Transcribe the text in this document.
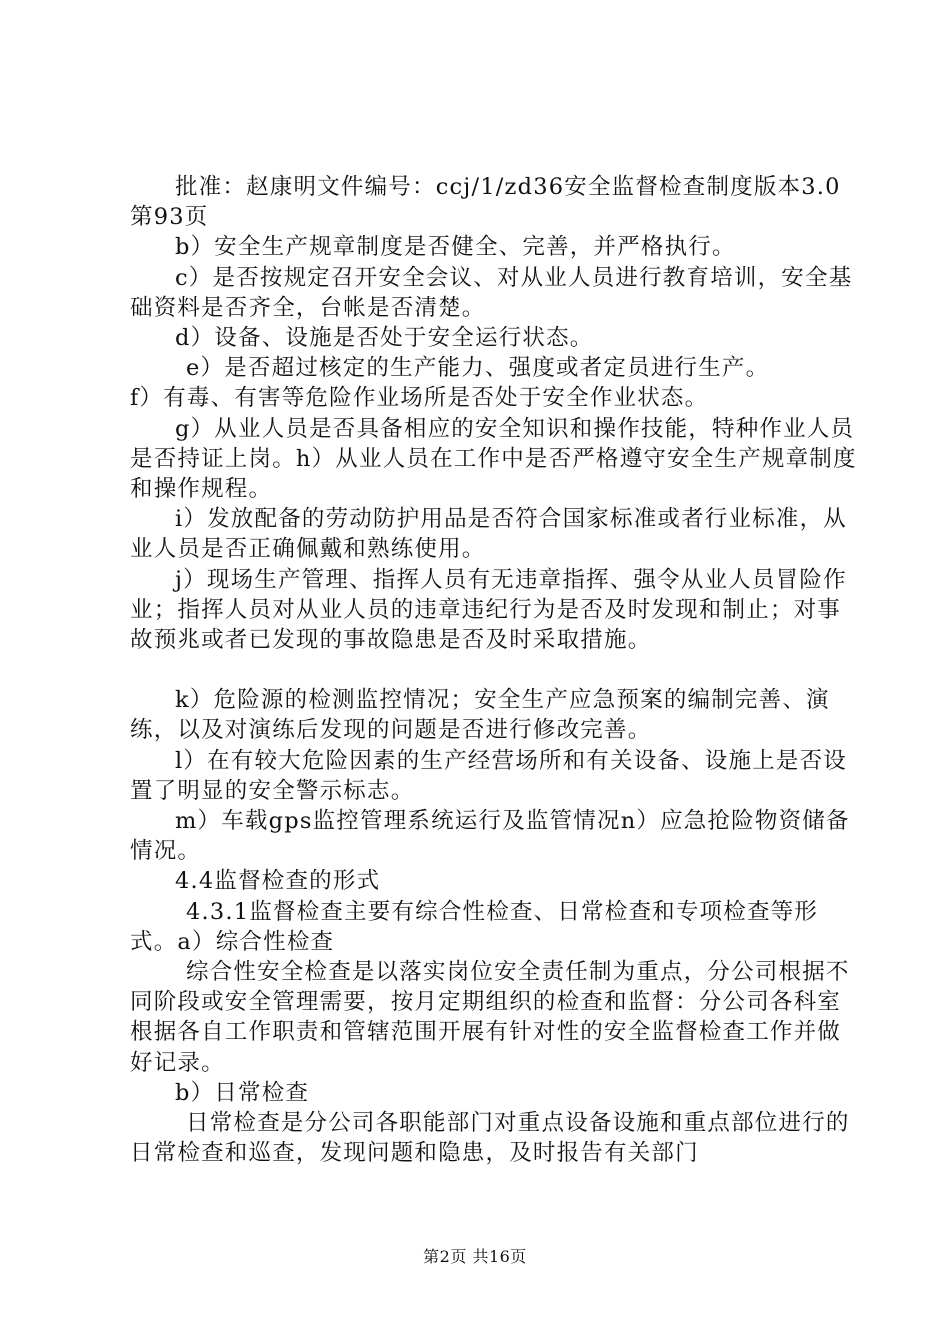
批准：赵康明文件编号：ccj/1/zd36安全监督检查制度版本3.0第93页

b）安全生产规章制度是否健全、完善，并严格执行。

c）是否按规定召开安全会议、对从业人员进行教育培训，安全基础资料是否齐全，台帐是否清楚。

d）设备、设施是否处于安全运行状态。

e）是否超过核定的生产能力、强度或者定员进行生产。

f）有毒、有害等危险作业场所是否处于安全作业状态。

g）从业人员是否具备相应的安全知识和操作技能，特种作业人员是否持证上岗。h）从业人员在工作中是否严格遵守安全生产规章制度和操作规程。

i）发放配备的劳动防护用品是否符合国家标准或者行业标准，从业人员是否正确佩戴和熟练使用。

j）现场生产管理、指挥人员有无违章指挥、强令从业人员冒险作业；指挥人员对从业人员的违章违纪行为是否及时发现和制止；对事故预兆或者已发现的事故隐患是否及时采取措施。

k）危险源的检测监控情况；安全生产应急预案的编制完善、演练，以及对演练后发现的问题是否进行修改完善。

l）在有较大危险因素的生产经营场所和有关设备、设施上是否设置了明显的安全警示标志。

m）车载gps监控管理系统运行及监管情况n）应急抢险物资储备情况。

4.4监督检查的形式

4.3.1监督检查主要有综合性检查、日常检查和专项检查等形式。a）综合性检查

综合性安全检查是以落实岗位安全责任制为重点，分公司根据不同阶段或安全管理需要，按月定期组织的检查和监督：分公司各科室根据各自工作职责和管辖范围开展有针对性的安全监督检查工作并做好记录。

b）日常检查

日常检查是分公司各职能部门对重点设备设施和重点部位进行的日常检查和巡查，发现问题和隐患，及时报告有关部门

第2页 共16页
